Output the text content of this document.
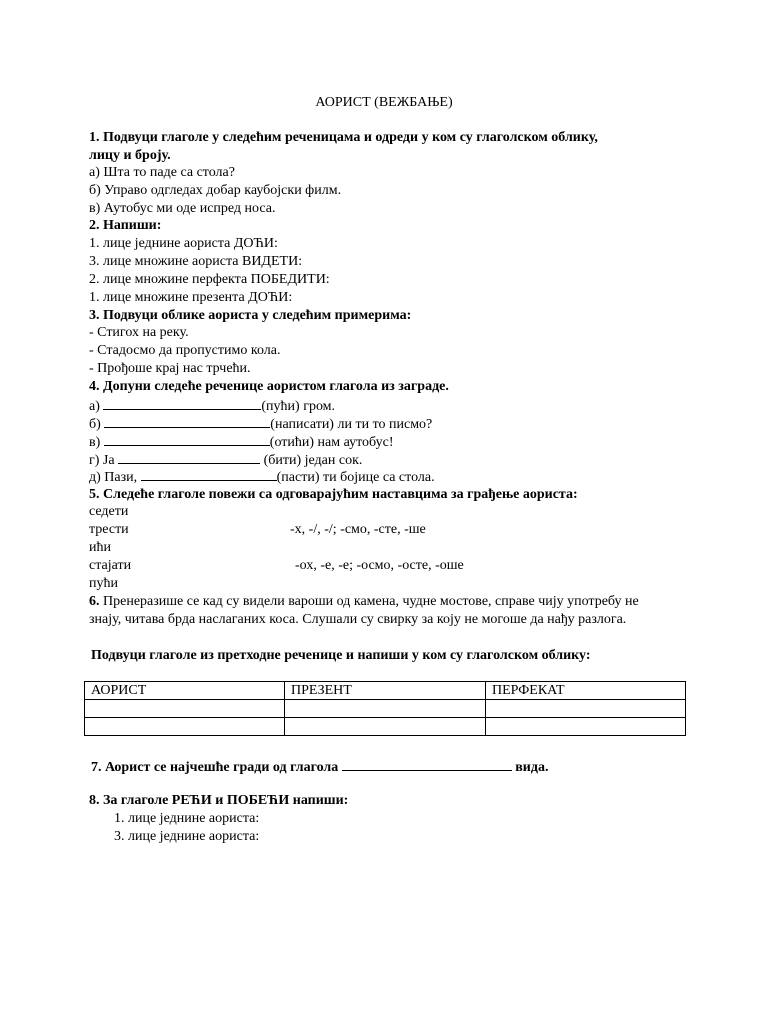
АОРИСТ (ВЕЖБАЊЕ)
1. Подвуци глаголе у следећим реченицама и одреди у ком су глаголском облику,
лицу и броју.
а) Шта то паде са стола?
б) Управо одгледах добар каубојски филм.
в) Аутобус ми оде испред носа.
2. Напиши:
1. лице једнине аориста ДОЋИ:
3. лице множине аориста ВИДЕТИ:
2. лице множине перфекта ПОБЕДИТИ:
1. лице множине презента ДОЋИ:
3. Подвуци облике аориста у следећим примерима:
- Стигох на реку.
- Стадосмо да пропустимо кола.
- Прођоше крај нас трчећи.
4. Допуни следеће реченице аористом глагола из заграде.
а)	(пући) гром.
б)	(написати) ли ти то писмо?
в)	(отићи) нам аутобус!
г) Ја	(бити) један сок.
д) Пази,	(пасти) ти бојице са стола.
5. Следеће глаголе повежи са одговарајућим наставцима за грађење аориста:
седети
трести	-х, -/, -/; -смо, -сте, -ше
ићи
стајати	-ох, -е, -е; -осмо, -осте, -оше
пући
6. Пренеразише се кад су видели вароши од камена, чудне мостове, справе чију употребу не знају, читава брда наслаганих коса. Слушали су свирку за коју не могоше да нађу разлога.
Подвуци глаголе из претходне реченице и напиши у ком су глаголском облику:
АОРИСТ	ПРЕЗЕНТ	ПЕРФЕКАТ

7. Аорист се најчешће гради од глагола	вида.
8. За глаголе РЕЋИ и ПОБЕЋИ напиши:
1. лице једнине аориста:
3. лице једнине аориста:
